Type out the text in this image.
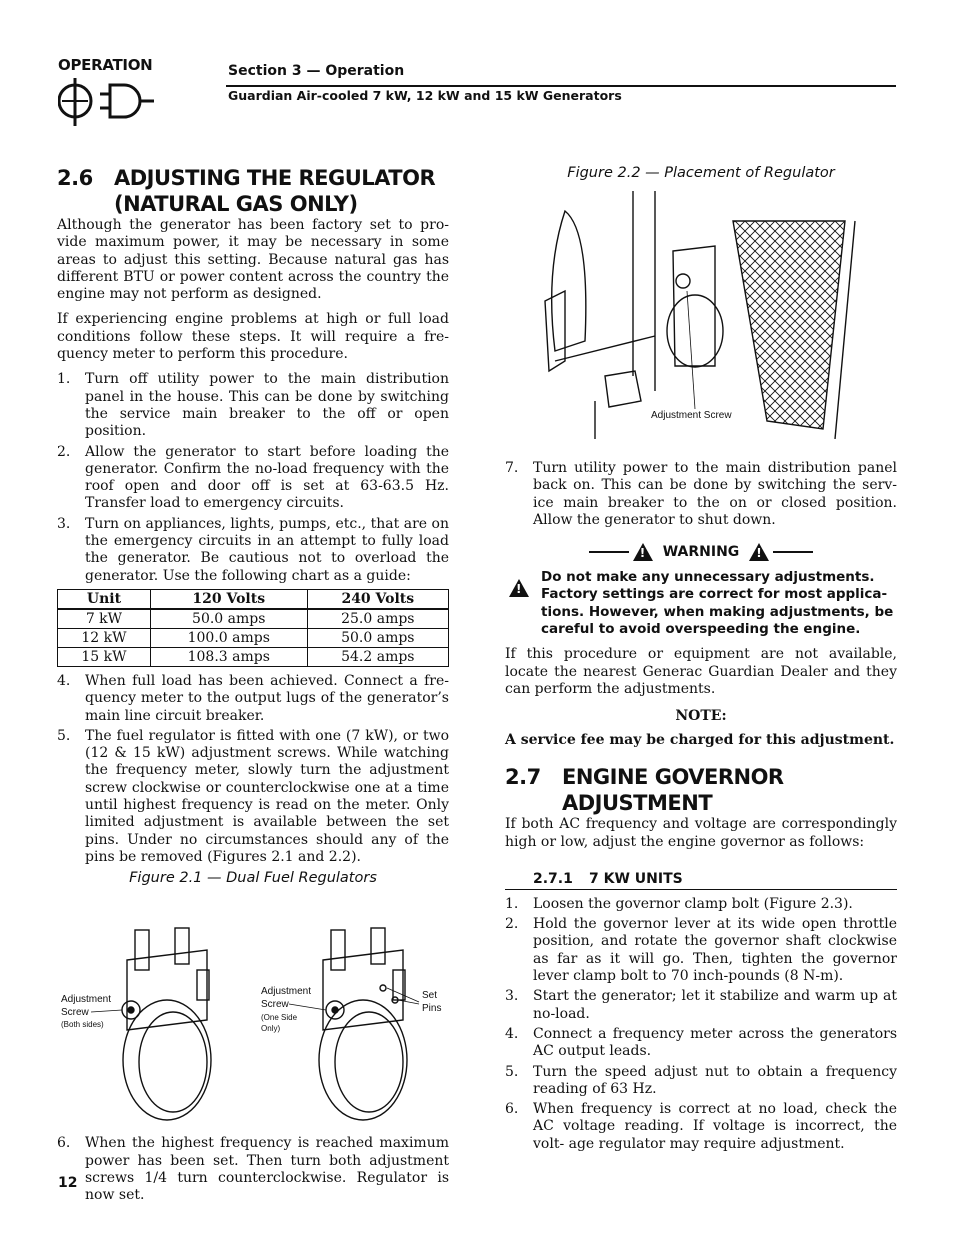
OPERATION	Section 3 — Operation
Guardian Air-cooled 7 kW, 12 kW and 15 kW Generators
2.6	ADJUSTING THE REGULATOR
(NATURAL GAS ONLY)

Although the generator has been factory set to pro- vide maximum power, it may be necessary in some areas to adjust this setting. Because natural gas has different BTU or power content across the country the engine may not perform as designed.

If experiencing engine problems at high or full load conditions follow these steps. It will require a fre- quency meter to perform this procedure.

1.	Turn off utility power to the main distribution panel in the house. This can be done by switching the service main breaker to the off or open position.
2.	Allow the generator to start before loading the generator. Confirm the no-load frequency with the roof open and door off is set at 63-63.5 Hz. Transfer load to emergency circuits.
3.	Turn on appliances, lights, pumps, etc., that are on the emergency circuits in an attempt to fully load the generator. Be cautious not to overload the generator. Use the following chart as a guide:
Unit	120 Volts	240 Volts
7 kW	50.0 amps	25.0 amps
12 kW	100.0 amps	50.0 amps
15 kW	108.3 amps	54.2 amps
4.	When full load has been achieved. Connect a fre- quency meter to the output lugs of the generator’s main line circuit breaker.
5.	The fuel regulator is fitted with one (7 kW), or two (12 & 15 kW) adjustment screws. While watching the frequency meter, slowly turn the adjustment screw clockwise or counterclockwise one at a time until highest frequency is read on the meter. Only limited adjustment is available between the set pins. Under no circumstances should any of the pins be removed (Figures 2.1 and 2.2).
Figure 2.1 — Dual Fuel Regulators
Adjustment
Screw
(Both sides)
Adjustment
Screw
(One Side
Only)
Set
Pins
6.	When the highest frequency is reached maximum power has been set. Then turn both adjustment screws 1/4 turn counterclockwise. Regulator is now set.
Figure 2.2 — Placement of Regulator
Adjustment Screw
7.	Turn utility power to the main distribution panel back on. This can be done by switching the serv- ice main breaker to the on or closed position. Allow the generator to shut down.
!
WARNING
!
!
Do not make any unnecessary adjustments. Factory settings are correct for most applica- tions. However, when making adjustments, be careful to avoid overspeeding the engine.

If this procedure or equipment are not available, locate the nearest Generac Guardian Dealer and they can perform the adjustments.

NOTE:
A service fee may be charged for this adjustment.
2.7	ENGINE GOVERNOR ADJUSTMENT

If both AC frequency and voltage are correspondingly high or low, adjust the engine governor as follows:

2.7.1	7 KW UNITS
1.	Loosen the governor clamp bolt (Figure 2.3).
2.	Hold the governor lever at its wide open throttle position, and rotate the governor shaft clockwise as far as it will go. Then, tighten the governor lever clamp bolt to 70 inch-pounds (8 N-m).
3.	Start the generator; let it stabilize and warm up at no-load.
4.	Connect a frequency meter across the generators AC output leads.
5.	Turn the speed adjust nut to obtain a frequency reading of 63 Hz.
6.	When frequency is correct at no load, check the AC voltage reading. If voltage is incorrect, the volt- age regulator may require adjustment.
12
